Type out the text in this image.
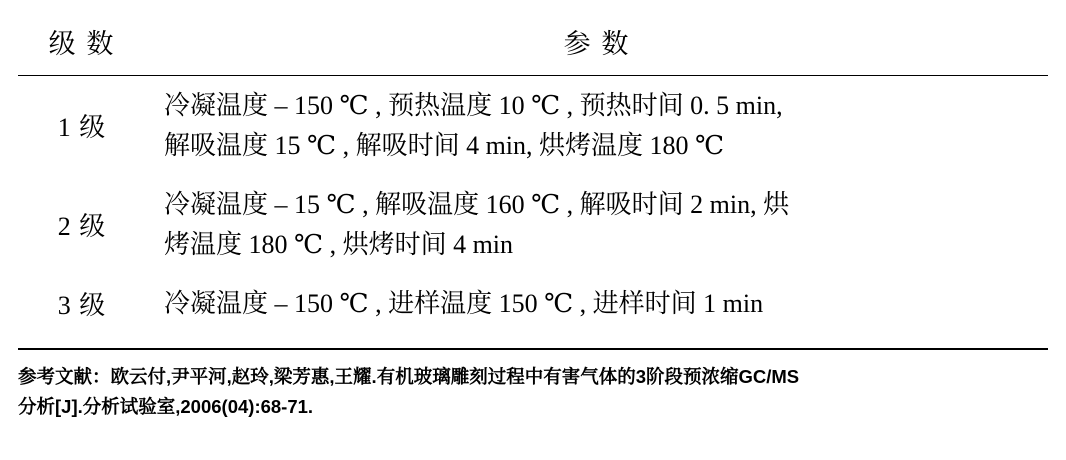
级 数	参 数
1 级	冷凝温度 – 150 ℃ , 预热温度 10 ℃ , 预热时间 0. 5 min,
解吸温度 15 ℃ , 解吸时间 4 min, 烘烤温度 180 ℃

2 级	冷凝温度 – 15 ℃ , 解吸温度 160 ℃ , 解吸时间 2 min, 烘
烤温度 180 ℃ , 烘烤时间 4 min

3 级	冷凝温度 – 150 ℃ , 进样温度 150 ℃ , 进样时间 1 min
参考文献：欧云付,尹平河,赵玲,梁芳惠,王耀.有机玻璃雕刻过程中有害气体的3阶段预浓缩GC/MS
分析[J].分析试验室,2006(04):68-71.
